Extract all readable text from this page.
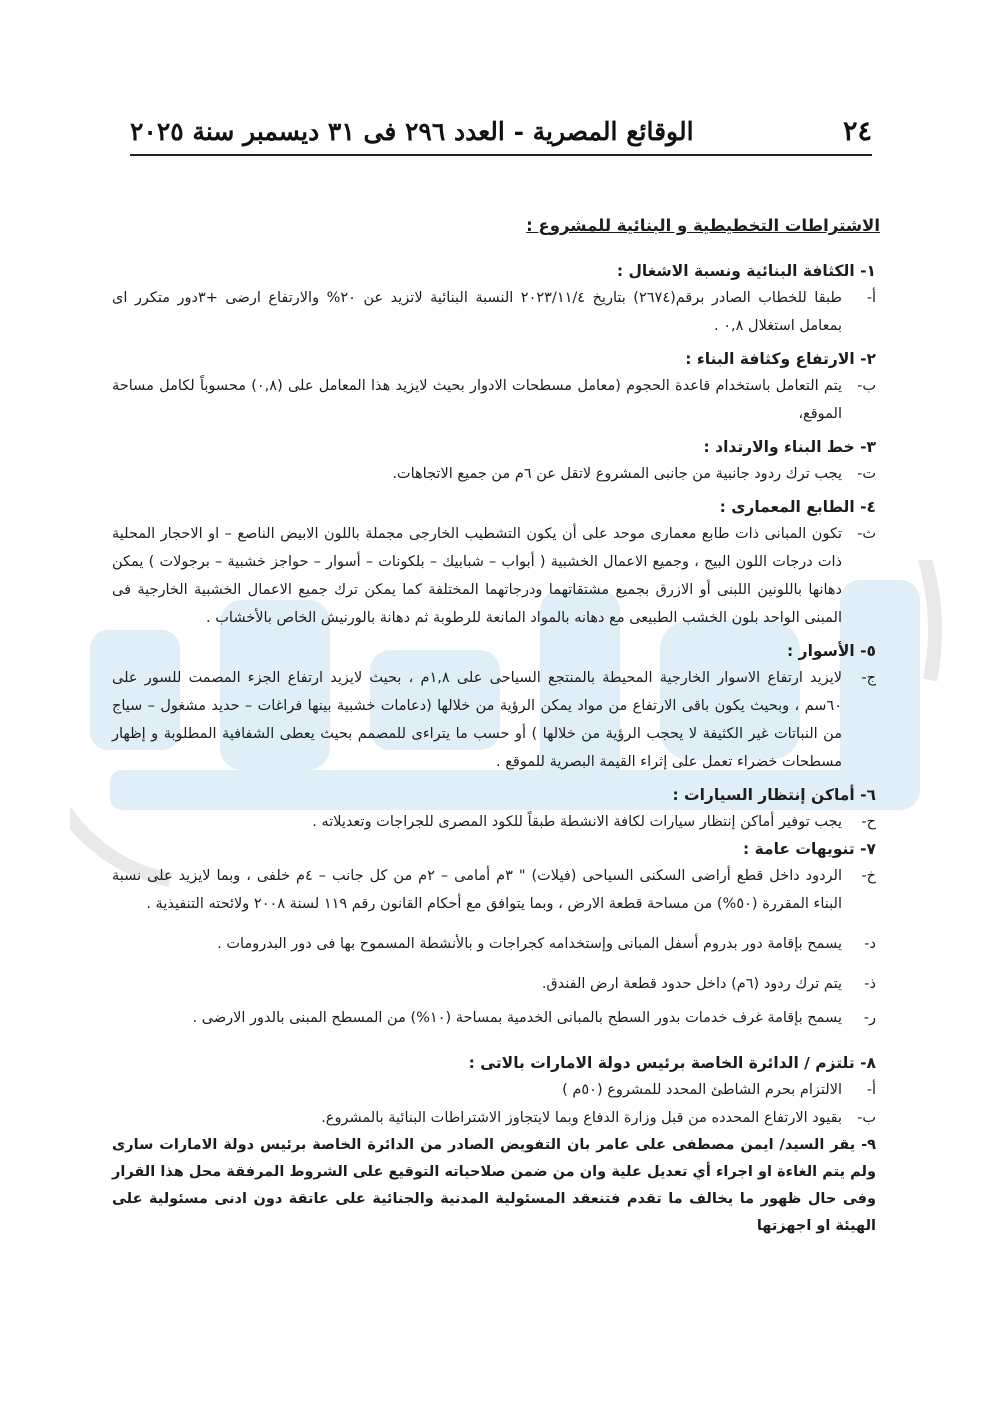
٢٤
الوقائع المصرية - العدد ٢٩٦ فى ٣١ ديسمبر سنة ٢٠٢٥
الاشتراطات التخطيطية و البنائية للمشروع :
١- الكثافة البنائية ونسبة الاشغال :
أ-
طبقا للخطاب الصادر برقم(٢٦٧٤) بتاريخ ٢٠٢٣/١١/٤ النسبة البنائية لاتزيد عن ٢٠% والارتفاع ارضى +٣دور متكرر اى بمعامل استغلال ٠,٨ .
٢- الارتفاع وكثافة البناء :
ب-
يتم التعامل باستخدام قاعدة الحجوم (معامل مسطحات الادوار بحيث لايزيد هذا المعامل على (٠,٨) محسوباً لكامل مساحة الموقع،
٣- خط البناء والارتداد :
ت-
يجب ترك ردود جانبية من جانبى المشروع لاتقل عن ٦م من جميع الاتجاهات.
٤- الطابع المعمارى :
ث-
تكون المبانى ذات طابع معمارى موحد على أن يكون التشطيب الخارجى مجملة باللون الابيض الناصع – او الاحجار المحلية ذات درجات اللون البيج ، وجميع الاعمال الخشبية ( أبواب – شبابيك – بلكونات – أسوار – حواجز خشبية – برجولات ) يمكن دهانها باللونين اللبنى أو الازرق بجميع مشتقاتهما ودرجاتهما المختلفة كما يمكن ترك جميع الاعمال الخشبية الخارجية فى المبنى الواحد بلون الخشب الطبيعى مع دهانه بالمواد المانعة للرطوبة ثم دهانة بالورنيش الخاص بالأخشاب .
٥- الأسوار :
ج-
لايزيد ارتفاع الاسوار الخارجية المحيطة بالمنتجع السياحى على ١,٨م ، بحيث لايزيد ارتفاع الجزء المصمت للسور على ٦٠سم ، وبحيث يكون باقى الارتفاع من مواد يمكن الرؤية من خلالها (دعامات خشبية بينها فراغات – حديد مشغول – سياج من النباتات غير الكثيفة لا يحجب الرؤية من خلالها ) أو حسب ما يتراءى للمصمم بحيث يعطى الشفافية المطلوبة و إظهار مسطحات خضراء تعمل على إثراء القيمة البصرية للموقع .
٦- أماكن إنتظار السيارات :
ح-
يجب توفير أماكن إنتظار سيارات لكافة الانشطة طبقاً للكود المصرى للجراجات وتعديلاته .
٧- تنويهات عامة :
خ-
الردود داخل قطع أراضى السكنى السياحى (فيلات) " ٣م أمامى – ٢م من كل جانب – ٤م خلفى ، وبما لايزيد على نسبة البناء المقررة (٥٠%) من مساحة قطعة الارض ، وبما يتوافق مع أحكام القانون رقم ١١٩ لسنة ٢٠٠٨ ولائحته التنفيذية .
د-
يسمح بإقامة دور بدروم أسفل المبانى وإستخدامه كجراجات و بالأنشطة المسموح بها فى دور البدرومات .
ذ-
يتم ترك ردود (٦م) داخل حدود قطعة ارض الفندق.
ر-
يسمح بإقامة غرف خدمات بدور السطح بالمبانى الخدمية بمساحة (١٠%) من المسطح المبنى بالدور الارضى .
٨- تلتزم / الدائرة الخاصة برئيس دولة الامارات بالاتى :
أ-
الالتزام بحرم الشاطئ المحدد للمشروع (٥٠م )
ب-
بقيود الارتفاع المحدده من قبل وزارة الدفاع وبما لايتجاوز الاشتراطات البنائية بالمشروع.

٩- يقر السيد/ ايمن مصطفى على عامر بان التفويض الصادر من الدائرة الخاصة برئيس دولة الامارات سارى ولم يتم الغاءة او اجراء أي تعديل علية وان من ضمن صلاحياته التوقيع على الشروط المرفقة محل هذا القرار وفى حال ظهور ما يخالف ما تقدم فتنعقد المسئولية المدنية والجنائية على عاتقة دون ادنى مسئولية على الهيئة او اجهزتها
